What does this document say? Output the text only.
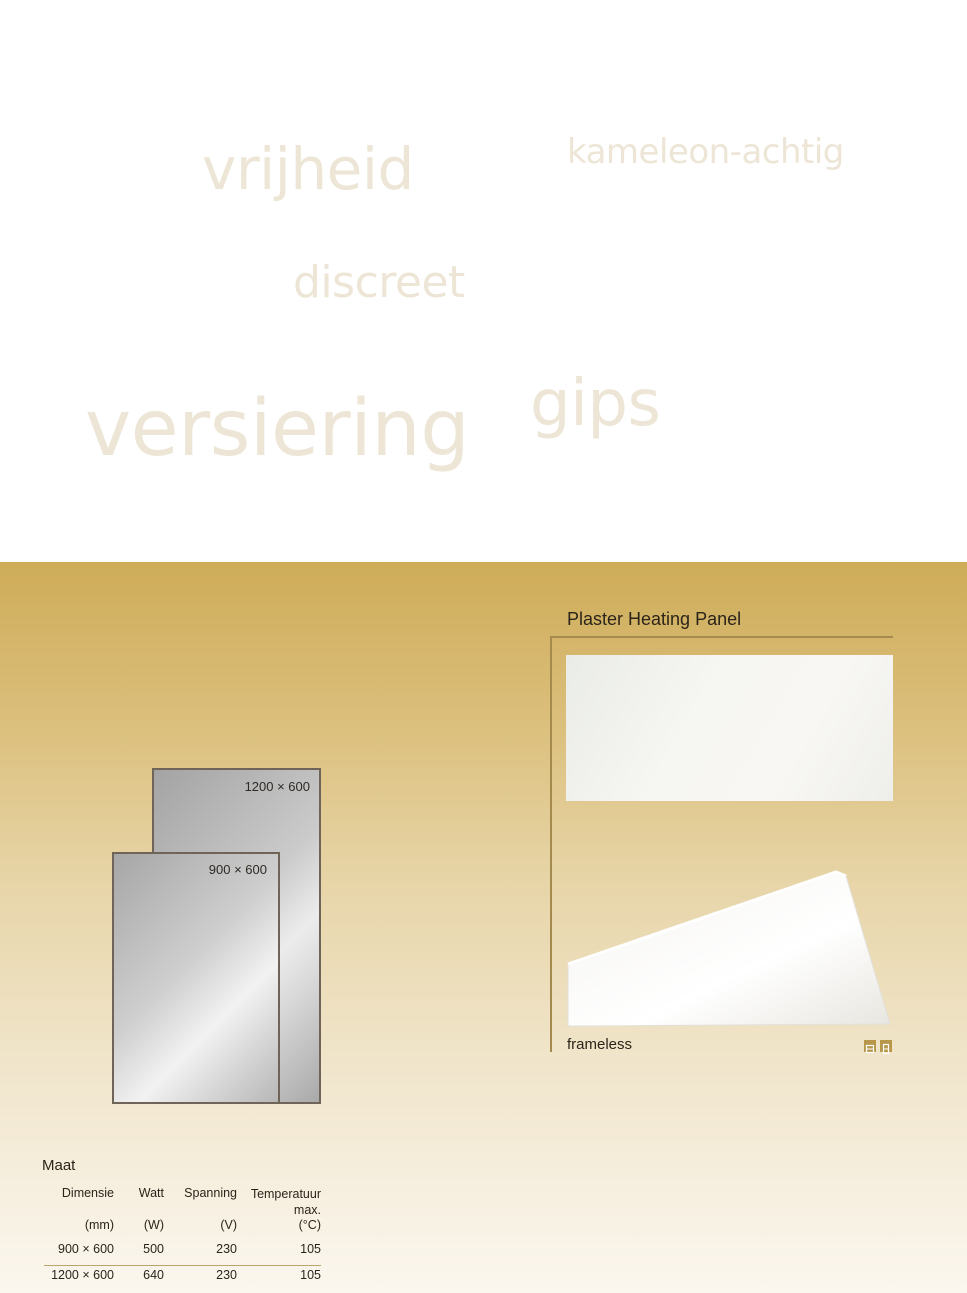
vrijheid	kameleon-achtig
discreet
versiering gips
1200 × 600
900 × 600
Plaster Heating Panel
frameless
Maat
Dimensie	Watt	Spanning	Temperatuur max.
(mm)	(W)	(V)	(°C)
900 × 600	500	230	105
1200 × 600	640	230	105
